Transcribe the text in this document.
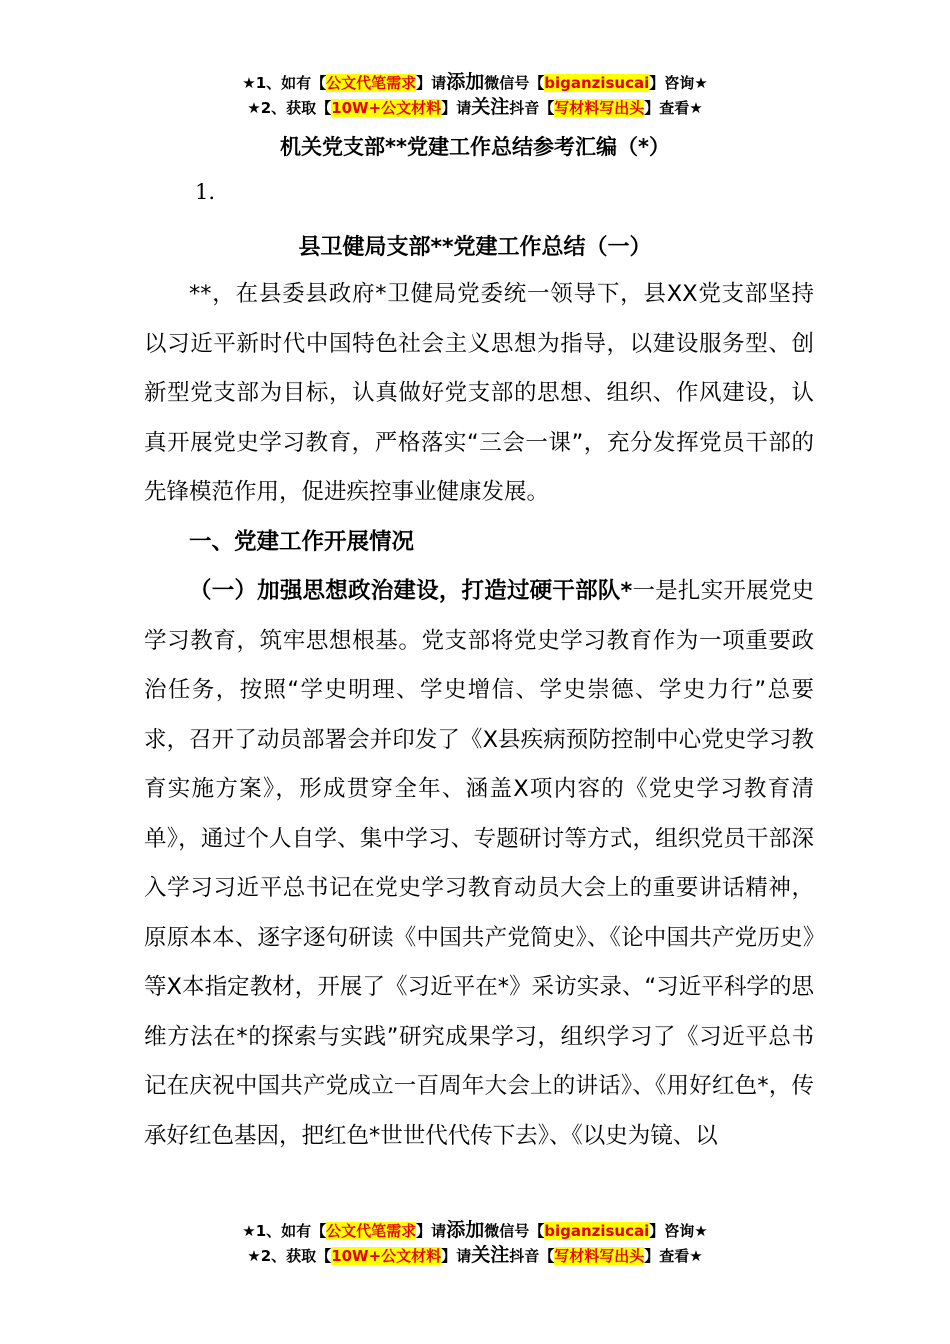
★1、如有【公文代笔需求】请添加微信号【biganzisucai】咨询★
★2、获取【10W+公文材料】请关注抖音【写材料写出头】查看★
机关党支部**党建工作总结参考汇编（*）
1.
县卫健局支部**党建工作总结（一）

**，在县委县政府*卫健局党委统一领导下，县XX党支部坚持以习近平新时代中国特色社会主义思想为指导，以建设服务型、创新型党支部为目标，认真做好党支部的思想、组织、作风建设，认真开展党史学习教育，严格落实“三会一课”，充分发挥党员干部的先锋模范作用，促进疾控事业健康发展。

一、党建工作开展情况

（一）加强思想政治建设，打造过硬干部队*一是扎实开展党史学习教育，筑牢思想根基。党支部将党史学习教育作为一项重要政治任务，按照“学史明理、学史增信、学史崇德、学史力行”总要求，召开了动员部署会并印发了《X县疾病预防控制中心党史学习教育实施方案》，形成贯穿全年、涵盖X项内容的《党史学习教育清单》，通过个人自学、集中学习、专题研讨等方式，组织党员干部深入学习习近平总书记在党史学习教育动员大会上的重要讲话精神，原原本本、逐字逐句研读《中国共产党简史》、《论中国共产党历史》等X本指定教材，开展了《习近平在*》采访实录、“习近平科学的思维方法在*的探索与实践”研究成果学习，组织学习了《习近平总书记在庆祝中国共产党成立一百周年大会上的讲话》、《用好红色*，传承好红色基因，把红色*世世代代传下去》、《以史为镜、以

★1、如有【公文代笔需求】请添加微信号【biganzisucai】咨询★
★2、获取【10W+公文材料】请关注抖音【写材料写出头】查看★
